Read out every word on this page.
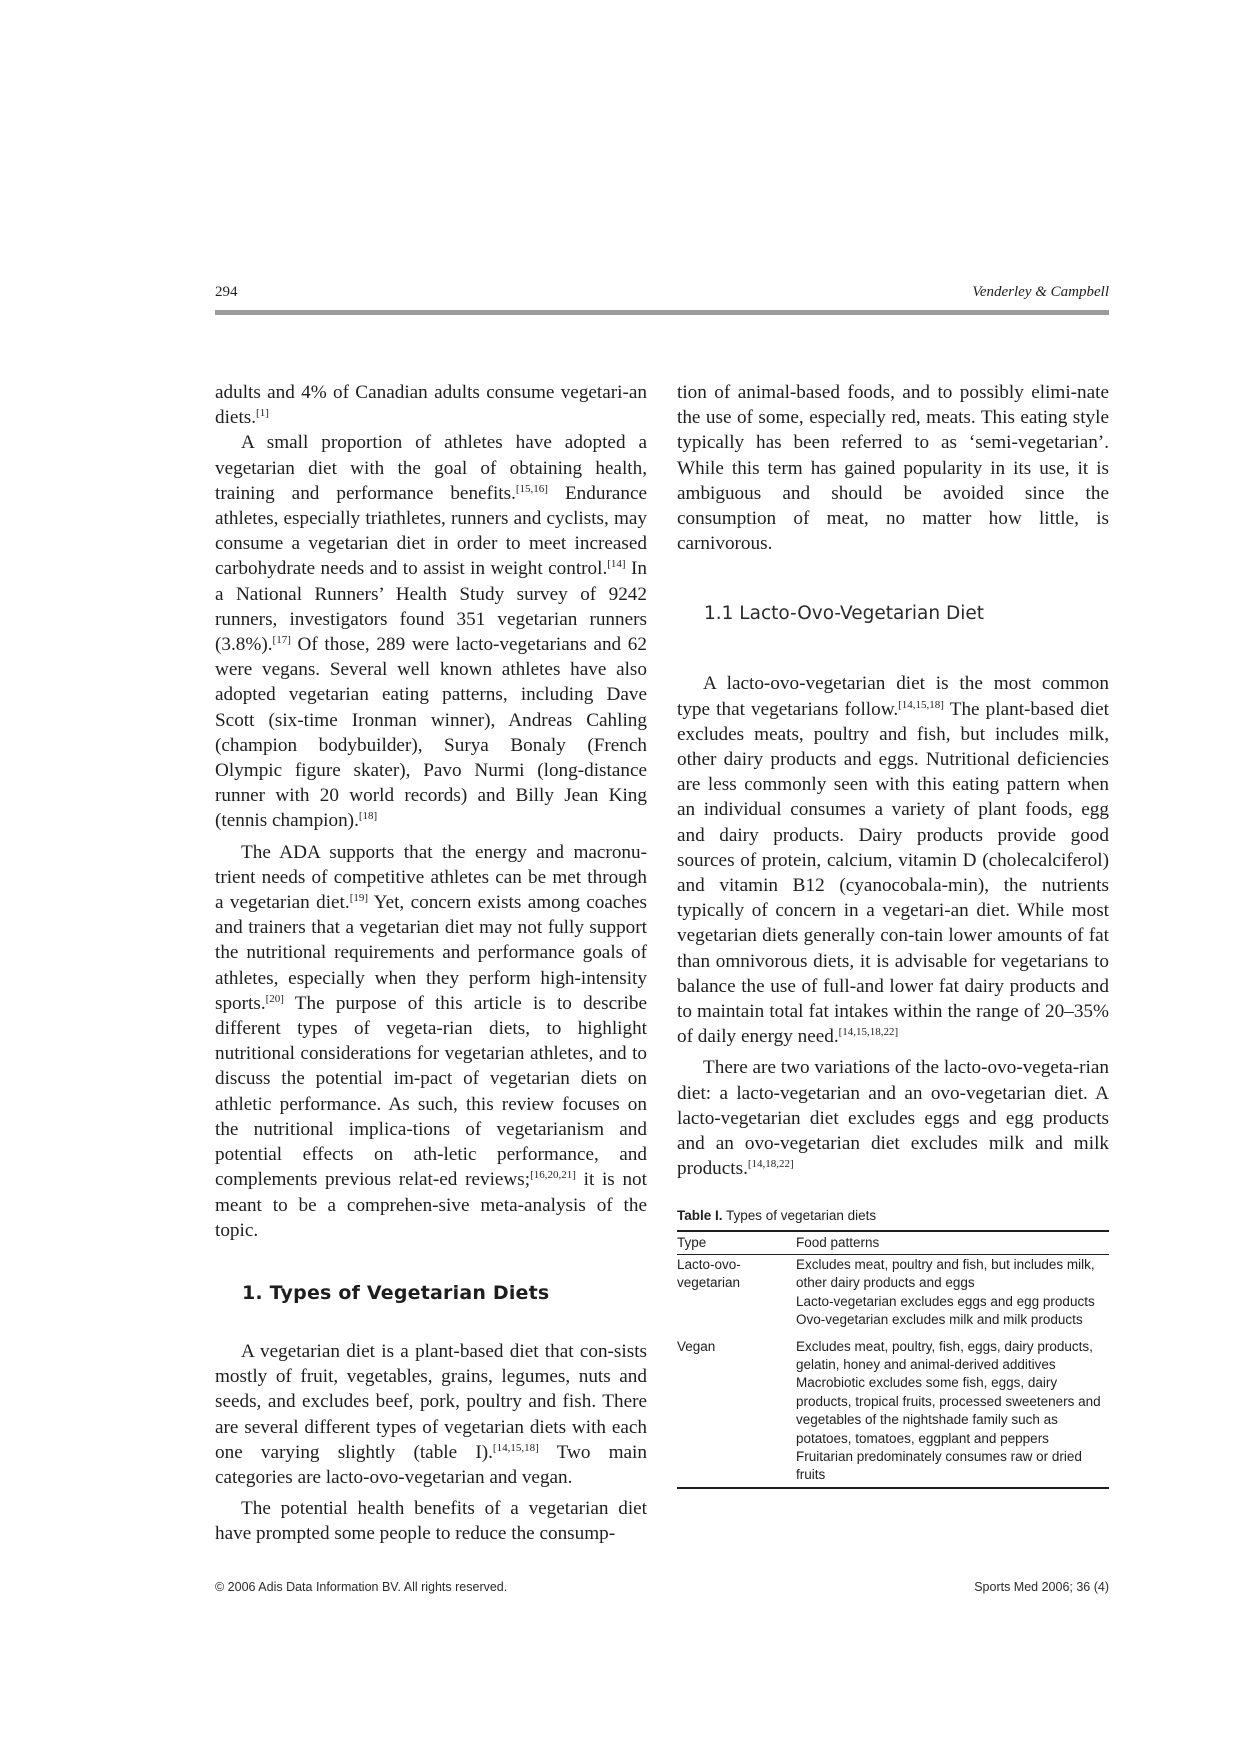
294	Venderley & Campbell

adults and 4% of Canadian adults consume vegetari-an diets.[1]

A small proportion of athletes have adopted a vegetarian diet with the goal of obtaining health, training and performance benefits.[15,16] Endurance athletes, especially triathletes, runners and cyclists, may consume a vegetarian diet in order to meet increased carbohydrate needs and to assist in weight control.[14] In a National Runners’ Health Study survey of 9242 runners, investigators found 351 vegetarian runners (3.8%).[17] Of those, 289 were lacto-vegetarians and 62 were vegans. Several well known athletes have also adopted vegetarian eating patterns, including Dave Scott (six-time Ironman winner), Andreas Cahling (champion bodybuilder), Surya Bonaly (French Olympic figure skater), Pavo Nurmi (long-distance runner with 20 world records) and Billy Jean King (tennis champion).[18]

The ADA supports that the energy and macronu-trient needs of competitive athletes can be met through a vegetarian diet.[19] Yet, concern exists among coaches and trainers that a vegetarian diet may not fully support the nutritional requirements and performance goals of athletes, especially when they perform high-intensity sports.[20] The purpose of this article is to describe different types of vegeta-rian diets, to highlight nutritional considerations for vegetarian athletes, and to discuss the potential im-pact of vegetarian diets on athletic performance. As such, this review focuses on the nutritional implica-tions of vegetarianism and potential effects on ath-letic performance, and complements previous relat-ed reviews;[16,20,21] it is not meant to be a comprehen-sive meta-analysis of the topic.

1. Types of Vegetarian Diets

A vegetarian diet is a plant-based diet that con-sists mostly of fruit, vegetables, grains, legumes, nuts and seeds, and excludes beef, pork, poultry and fish. There are several different types of vegetarian diets with each one varying slightly (table I).[14,15,18] Two main categories are lacto-ovo-vegetarian and vegan.

The potential health benefits of a vegetarian diet have prompted some people to reduce the consump-

tion of animal-based foods, and to possibly elimi-nate the use of some, especially red, meats. This eating style typically has been referred to as ‘semi-vegetarian’. While this term has gained popularity in its use, it is ambiguous and should be avoided since the consumption of meat, no matter how little, is carnivorous.

1.1 Lacto-Ovo-Vegetarian Diet

A lacto-ovo-vegetarian diet is the most common type that vegetarians follow.[14,15,18] The plant-based diet excludes meats, poultry and fish, but includes milk, other dairy products and eggs. Nutritional deficiencies are less commonly seen with this eating pattern when an individual consumes a variety of plant foods, egg and dairy products. Dairy products provide good sources of protein, calcium, vitamin D (cholecalciferol) and vitamin B12 (cyanocobala-min), the nutrients typically of concern in a vegetari-an diet. While most vegetarian diets generally con-tain lower amounts of fat than omnivorous diets, it is advisable for vegetarians to balance the use of full-and lower fat dairy products and to maintain total fat intakes within the range of 20–35% of daily energy need.[14,15,18,22]

There are two variations of the lacto-ovo-vegeta-rian diet: a lacto-vegetarian and an ovo-vegetarian diet. A lacto-vegetarian diet excludes eggs and egg products and an ovo-vegetarian diet excludes milk and milk products.[14,18,22]

Table I. Types of vegetarian diets
Type	Food patterns

Lacto-ovo-
vegetarian	Excludes meat, poultry and fish, but includes milk, other dairy products and eggs
Lacto-vegetarian excludes eggs and egg products
Ovo-vegetarian excludes milk and milk products

Vegan	Excludes meat, poultry, fish, eggs, dairy products, gelatin, honey and animal-derived additives
Macrobiotic excludes some fish, eggs, dairy products, tropical fruits, processed sweeteners and vegetables of the nightshade family such as potatoes, tomatoes, eggplant and peppers
Fruitarian predominately consumes raw or dried fruits
© 2006 Adis Data Information BV. All rights reserved.	Sports Med 2006; 36 (4)
